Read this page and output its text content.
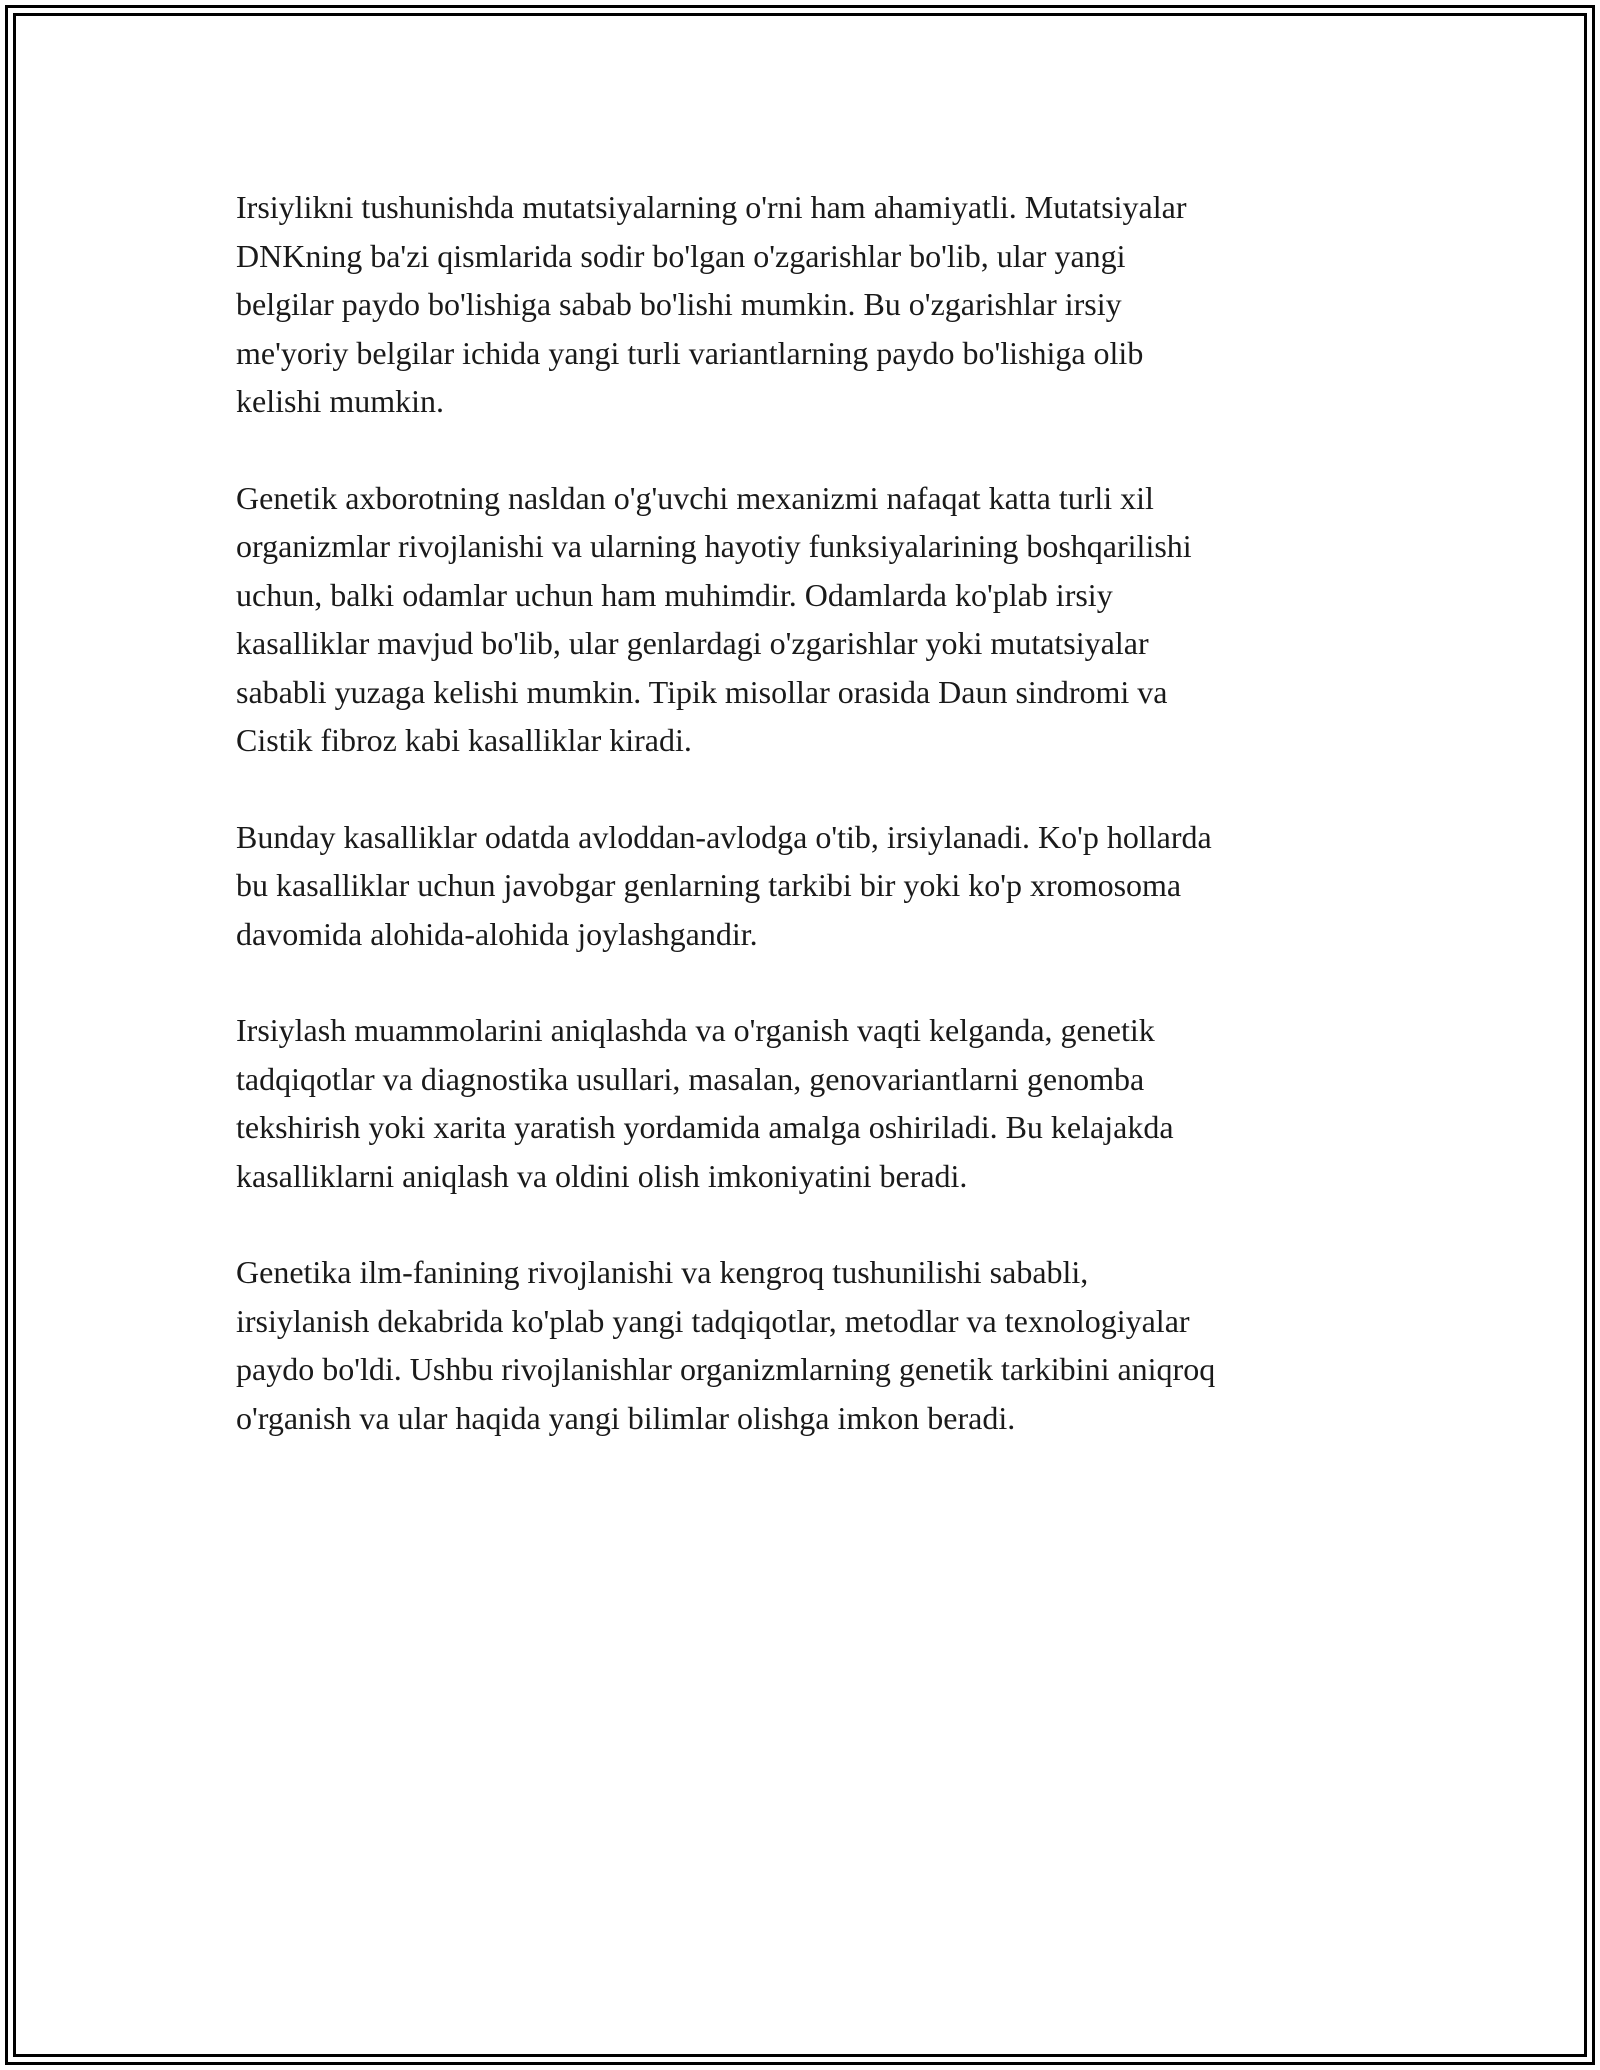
Irsiylikni tushunishda mutatsiyalarning o'rni ham ahamiyatli. Mutatsiyalar
DNKning ba'zi qismlarida sodir bo'lgan o'zgarishlar bo'lib, ular yangi
belgilar paydo bo'lishiga sabab bo'lishi mumkin. Bu o'zgarishlar irsiy
me'yoriy belgilar ichida yangi turli variantlarning paydo bo'lishiga olib
kelishi mumkin.

Genetik axborotning nasldan o'g'uvchi mexanizmi nafaqat katta turli xil
organizmlar rivojlanishi va ularning hayotiy funksiyalarining boshqarilishi
uchun, balki odamlar uchun ham muhimdir. Odamlarda ko'plab irsiy
kasalliklar mavjud bo'lib, ular genlardagi o'zgarishlar yoki mutatsiyalar
sababli yuzaga kelishi mumkin. Tipik misollar orasida Daun sindromi va
Cistik fibroz kabi kasalliklar kiradi.

Bunday kasalliklar odatda avloddan-avlodga o'tib, irsiylanadi. Ko'p hollarda
bu kasalliklar uchun javobgar genlarning tarkibi bir yoki ko'p xromosoma
davomida alohida-alohida joylashgandir.

Irsiylash muammolarini aniqlashda va o'rganish vaqti kelganda, genetik
tadqiqotlar va diagnostika usullari, masalan, genovariantlarni genomba
tekshirish yoki xarita yaratish yordamida amalga oshiriladi. Bu kelajakda
kasalliklarni aniqlash va oldini olish imkoniyatini beradi.

Genetika ilm-fanining rivojlanishi va kengroq tushunilishi sababli,
irsiylanish dekabrida ko'plab yangi tadqiqotlar, metodlar va texnologiyalar
paydo bo'ldi. Ushbu rivojlanishlar organizmlarning genetik tarkibini aniqroq
o'rganish va ular haqida yangi bilimlar olishga imkon beradi.
